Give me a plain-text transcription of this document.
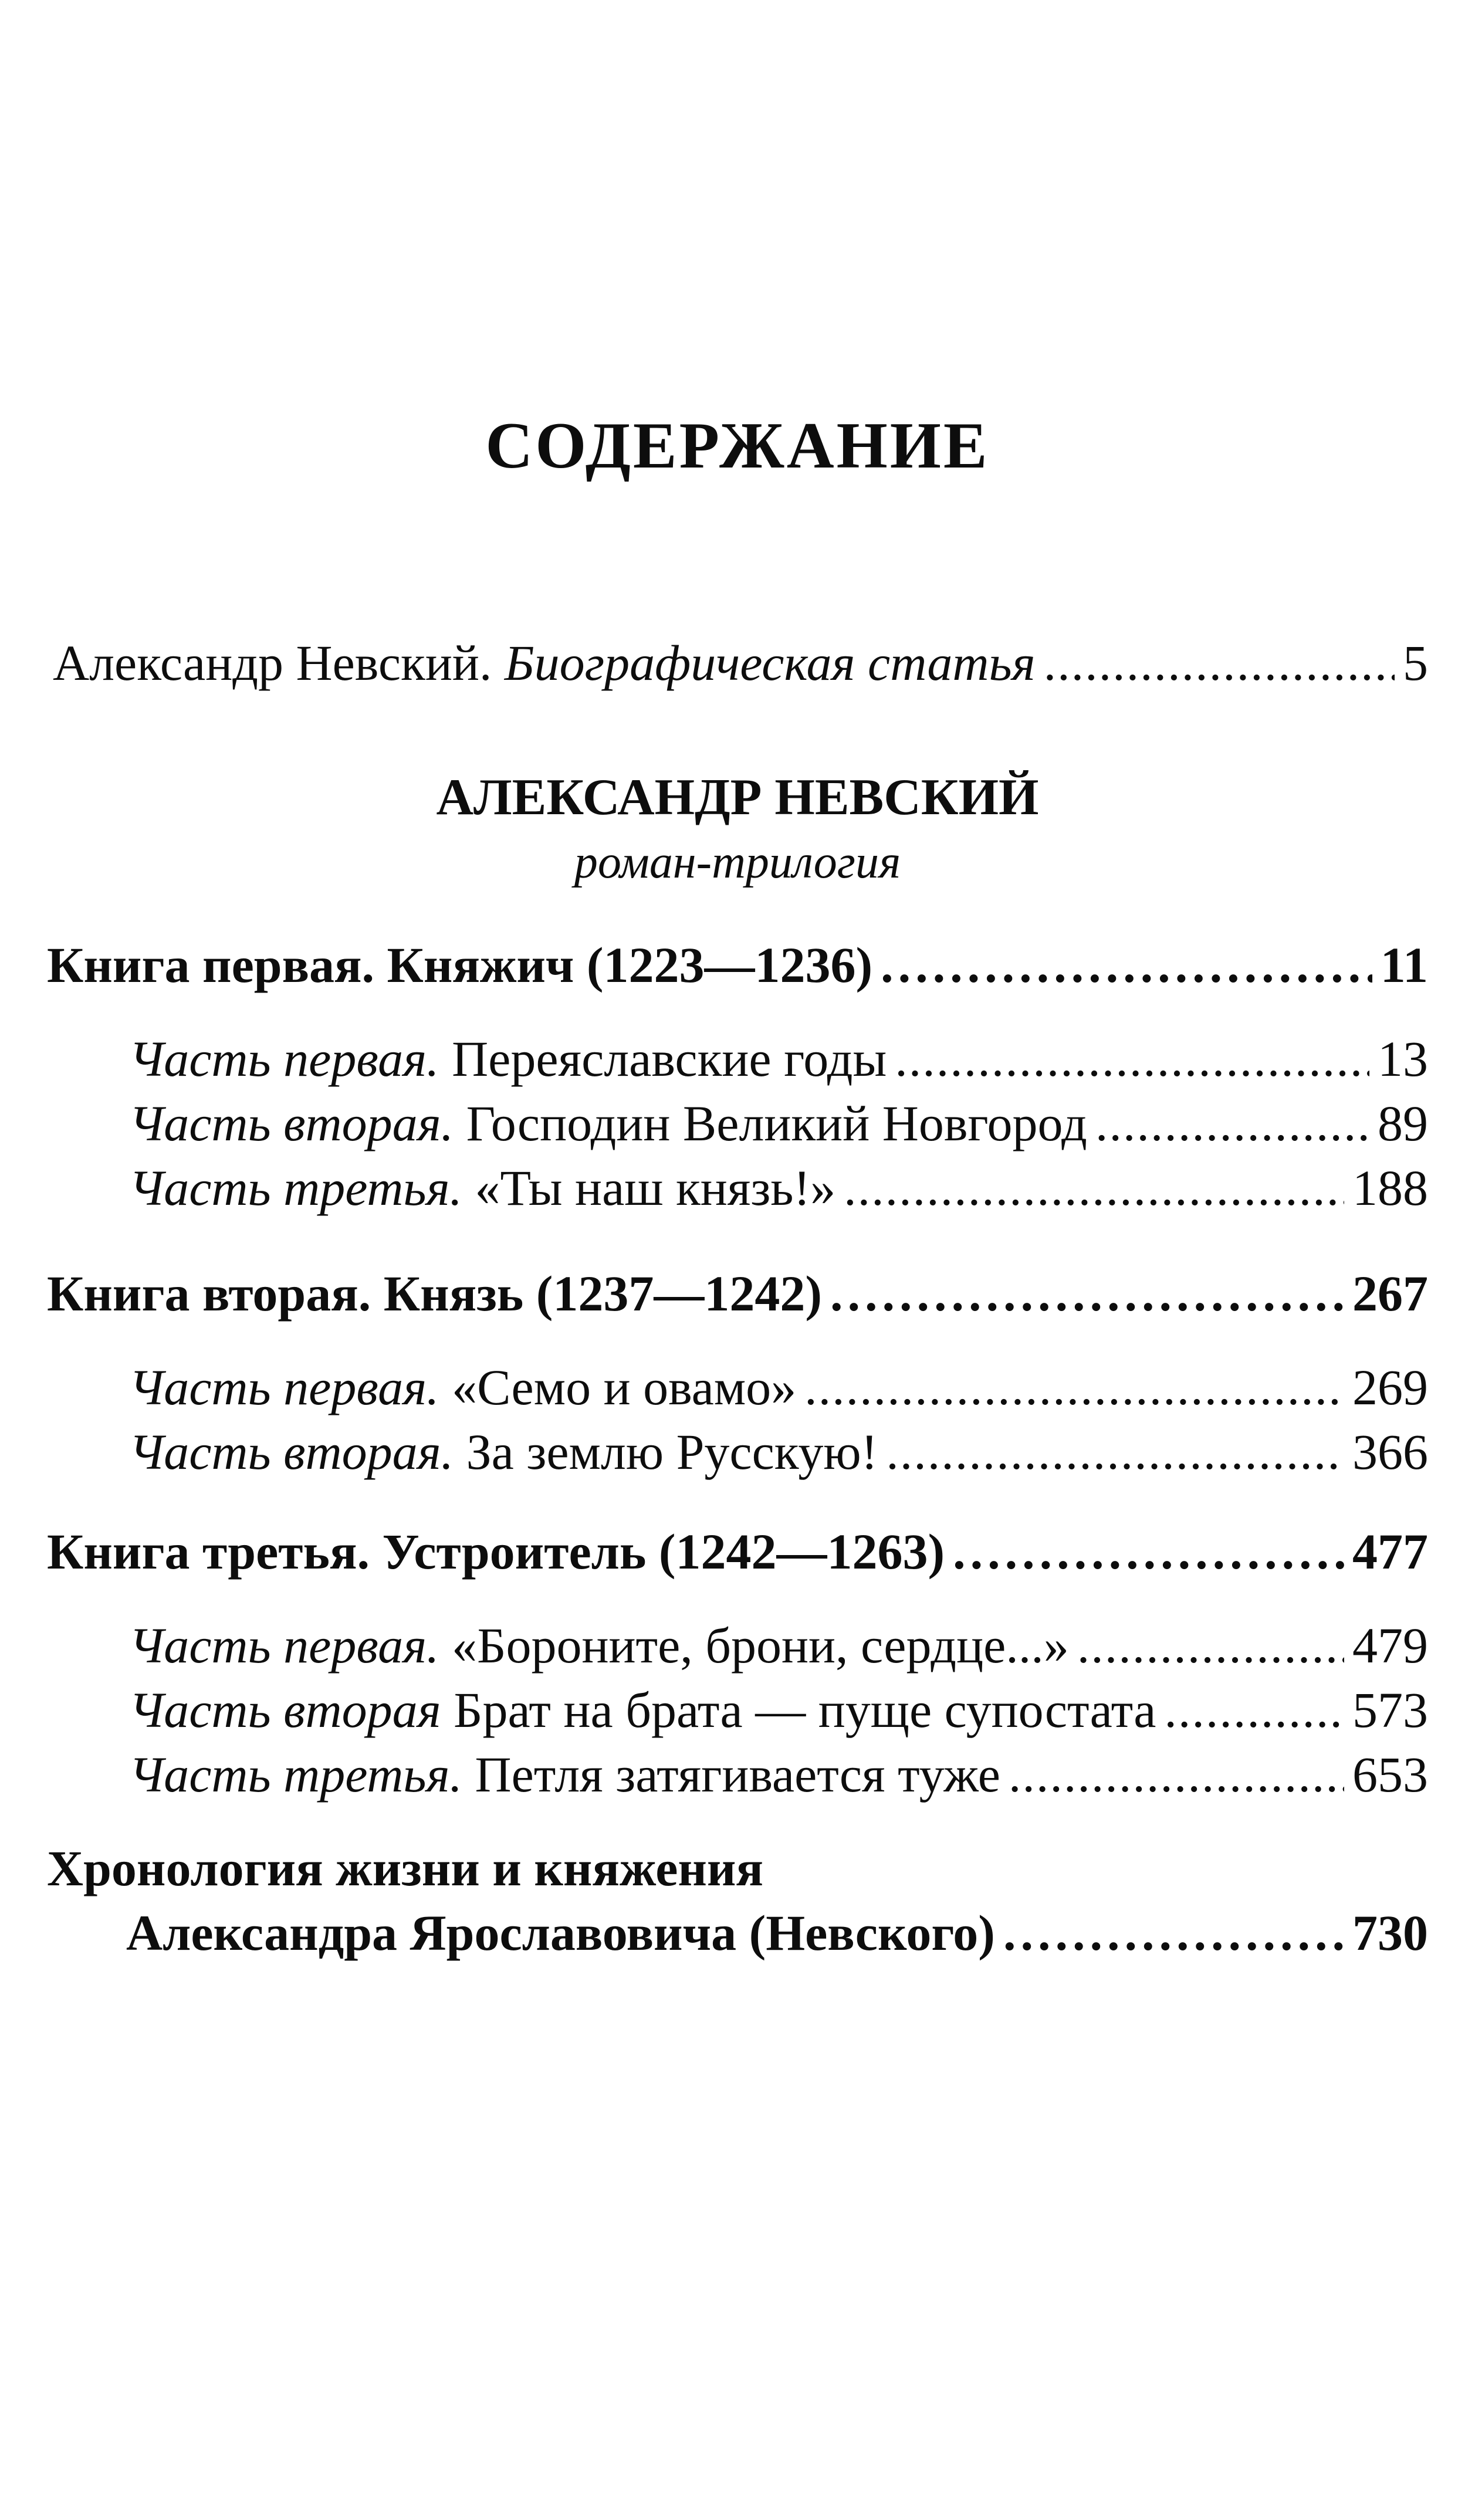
СОДЕРЖАНИЕ
Александр Невский. Биографическая статья .....	5
АЛЕКСАНДР НЕВСКИЙ
роман-трилогия
Книга первая. Княжич (1223—1236) .....	11
Часть первая. Переяславские годы .....	13
Часть вторая. Господин Великий Новгород .....	89
Часть третья. «Ты наш князь!» .....	188
Книга вторая. Князь (1237—1242) .....	267
Часть первая. «Семо и овамо» .....	269
Часть вторая. За землю Русскую! .....	366
Книга третья. Устроитель (1242—1263) .....	477
Часть первая. «Бороните, брони, сердце...» .....	479
Часть вторая Брат на брата — пуще супостата .....	573
Часть третья. Петля затягивается туже .....	653
Хронология жизни и княжения
Александра Ярославовича (Невского) .....	730
